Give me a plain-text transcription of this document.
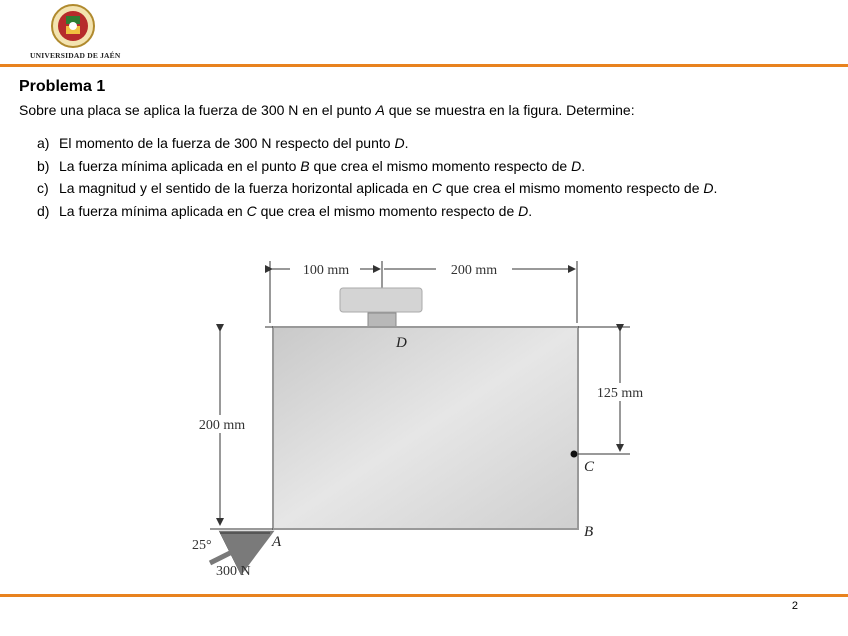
UNIVERSIDAD DE JAÉN
Problema 1
Sobre una placa se aplica la fuerza de 300 N en el punto A que se muestra en la figura. Determine:
a) El momento de la fuerza de 300 N respecto del punto D.
b) La fuerza mínima aplicada en el punto B que crea el mismo momento respecto de D.
c) La magnitud y el sentido de la fuerza horizontal aplicada en C que crea el mismo momento respecto de D.
d) La fuerza mínima aplicada en C que crea el mismo momento respecto de D.
100 mm	200 mm
D
200 mm
125 mm
C
B
A
25°
300 N
2
